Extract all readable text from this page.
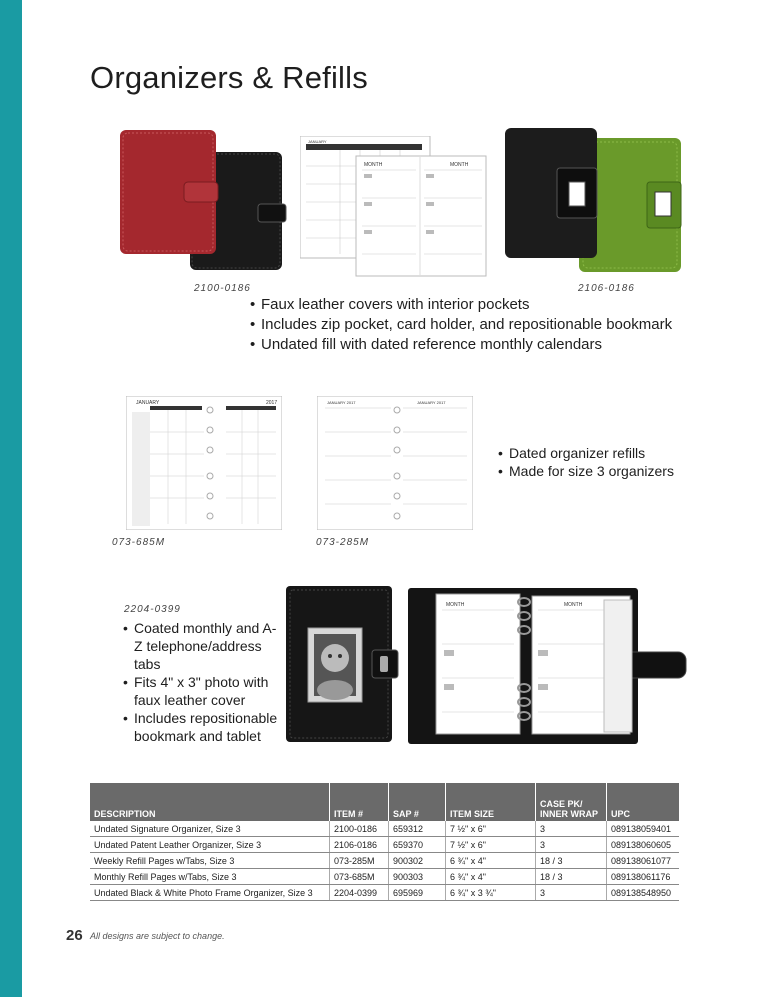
Organizers & Refills
JANUARY
MONTH	MONTH
2100-0186	2106-0186
• Faux leather covers with interior pockets
• Includes zip pocket, card holder, and repositionable bookmark
• Undated fill with dated reference monthly calendars
JANUARY	2017	JANUARY 2017	JANUARY 2017
073-685M	073-285M
• Dated organizer refills
• Made for size 3 organizers
2204-0399
• Coated monthly and A-Z telephone/address tabs
• Fits 4" x 3" photo with faux leather cover
• Includes repositionable bookmark and tablet
MONTH	MONTH
DESCRIPTION	ITEM #	SAP #	ITEM SIZE	CASE PK/ INNER WRAP	UPC
Undated Signature Organizer, Size 3	2100-0186	659312	7 ½" x 6"	3	089138059401
Undated Patent Leather Organizer, Size 3	2106-0186	659370	7 ½" x 6"	3	089138060605
Weekly Refill Pages w/Tabs, Size 3	073-285M	900302	6 ¾" x 4"	18 / 3	089138061077
Monthly Refill Pages w/Tabs, Size 3	073-685M	900303	6 ¾" x 4"	18 / 3	089138061176
Undated Black & White Photo Frame Organizer, Size 3	2204-0399	695969	6 ¾" x 3 ¾"	3	089138548950
26 All designs are subject to change.
